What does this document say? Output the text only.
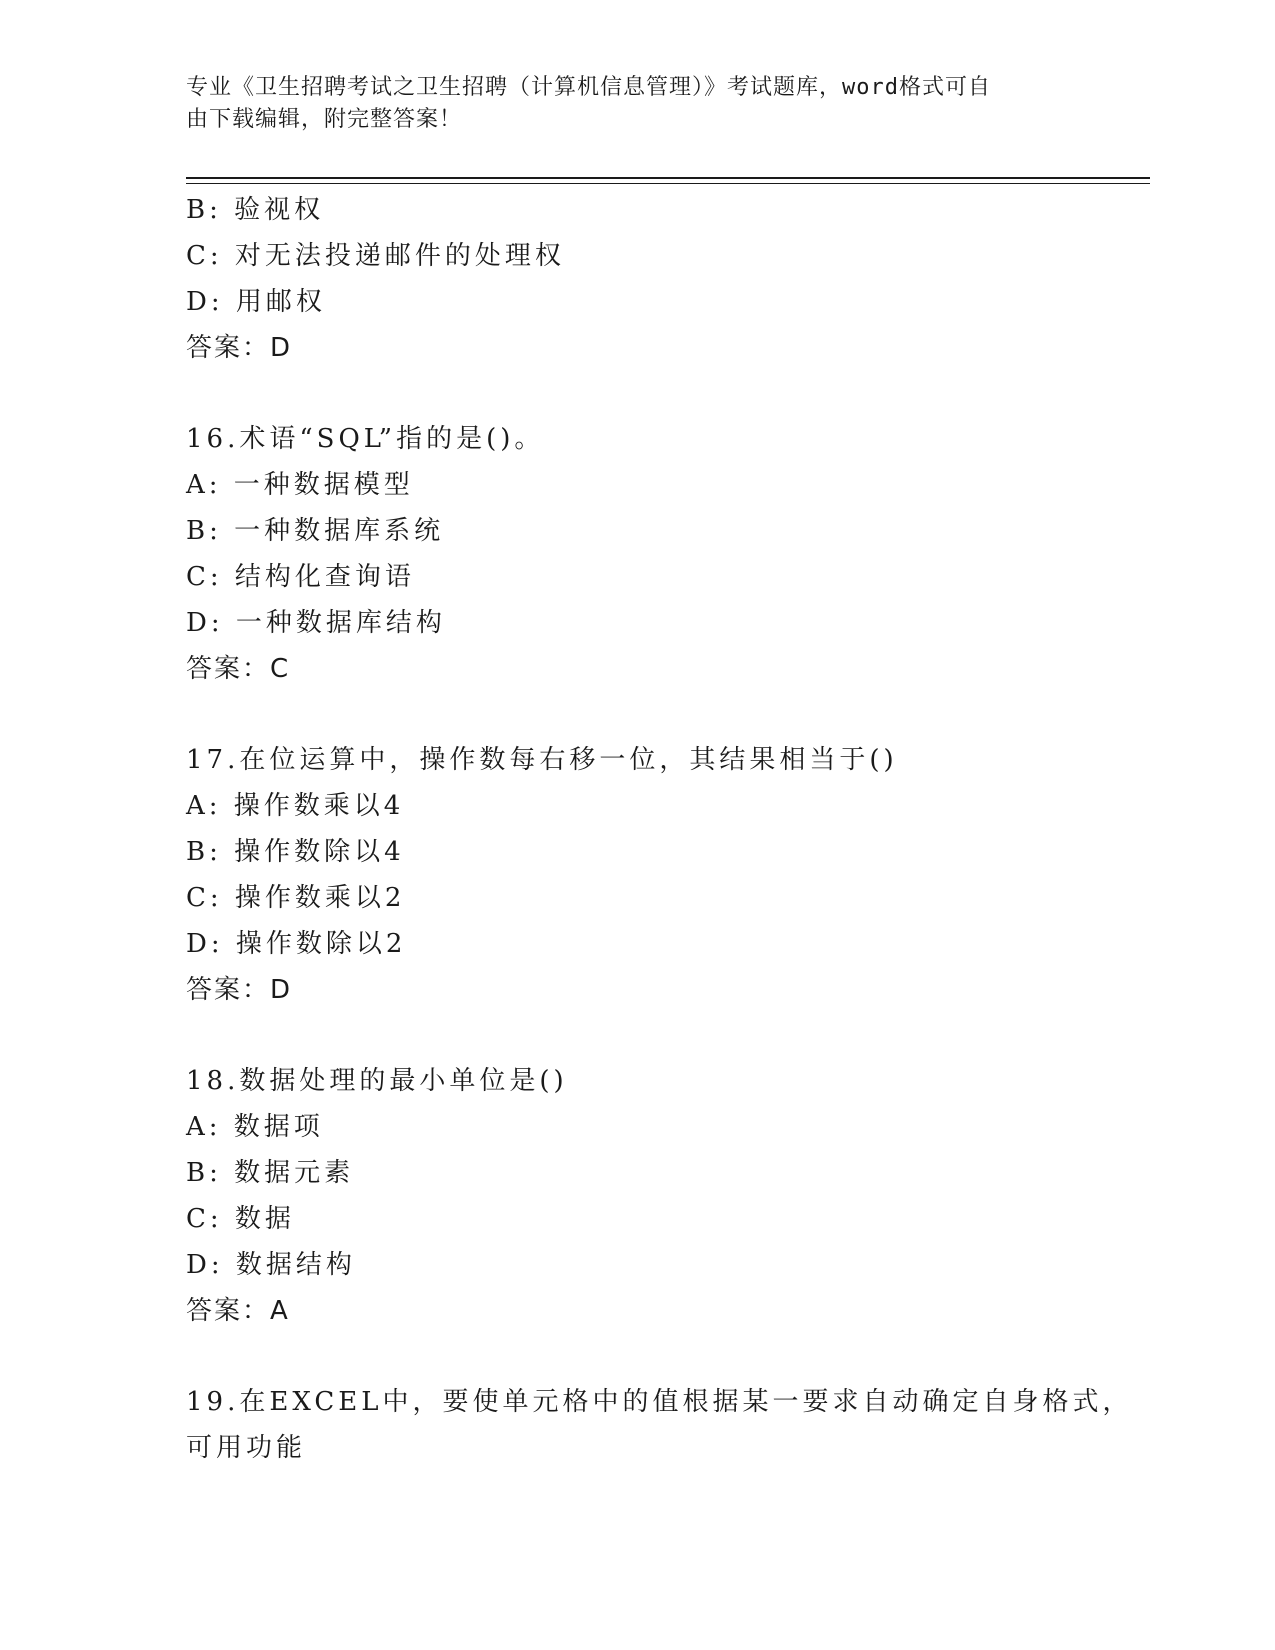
专业《卫生招聘考试之卫生招聘（计算机信息管理）》考试题库，word格式可自
由下载编辑，附完整答案！
B: 验视权
C: 对无法投递邮件的处理权
D: 用邮权
答案：D
16.术语“SQL”指的是()。
A: 一种数据模型
B: 一种数据库系统
C: 结构化查询语
D: 一种数据库结构
答案：C
17.在位运算中，操作数每右移一位，其结果相当于()
A: 操作数乘以4
B: 操作数除以4
C: 操作数乘以2
D: 操作数除以2
答案：D
18.数据处理的最小单位是()
A: 数据项
B: 数据元素
C: 数据
D: 数据结构
答案：A
19.在EXCEL中，要使单元格中的值根据某一要求自动确定自身格式，
可用功能
